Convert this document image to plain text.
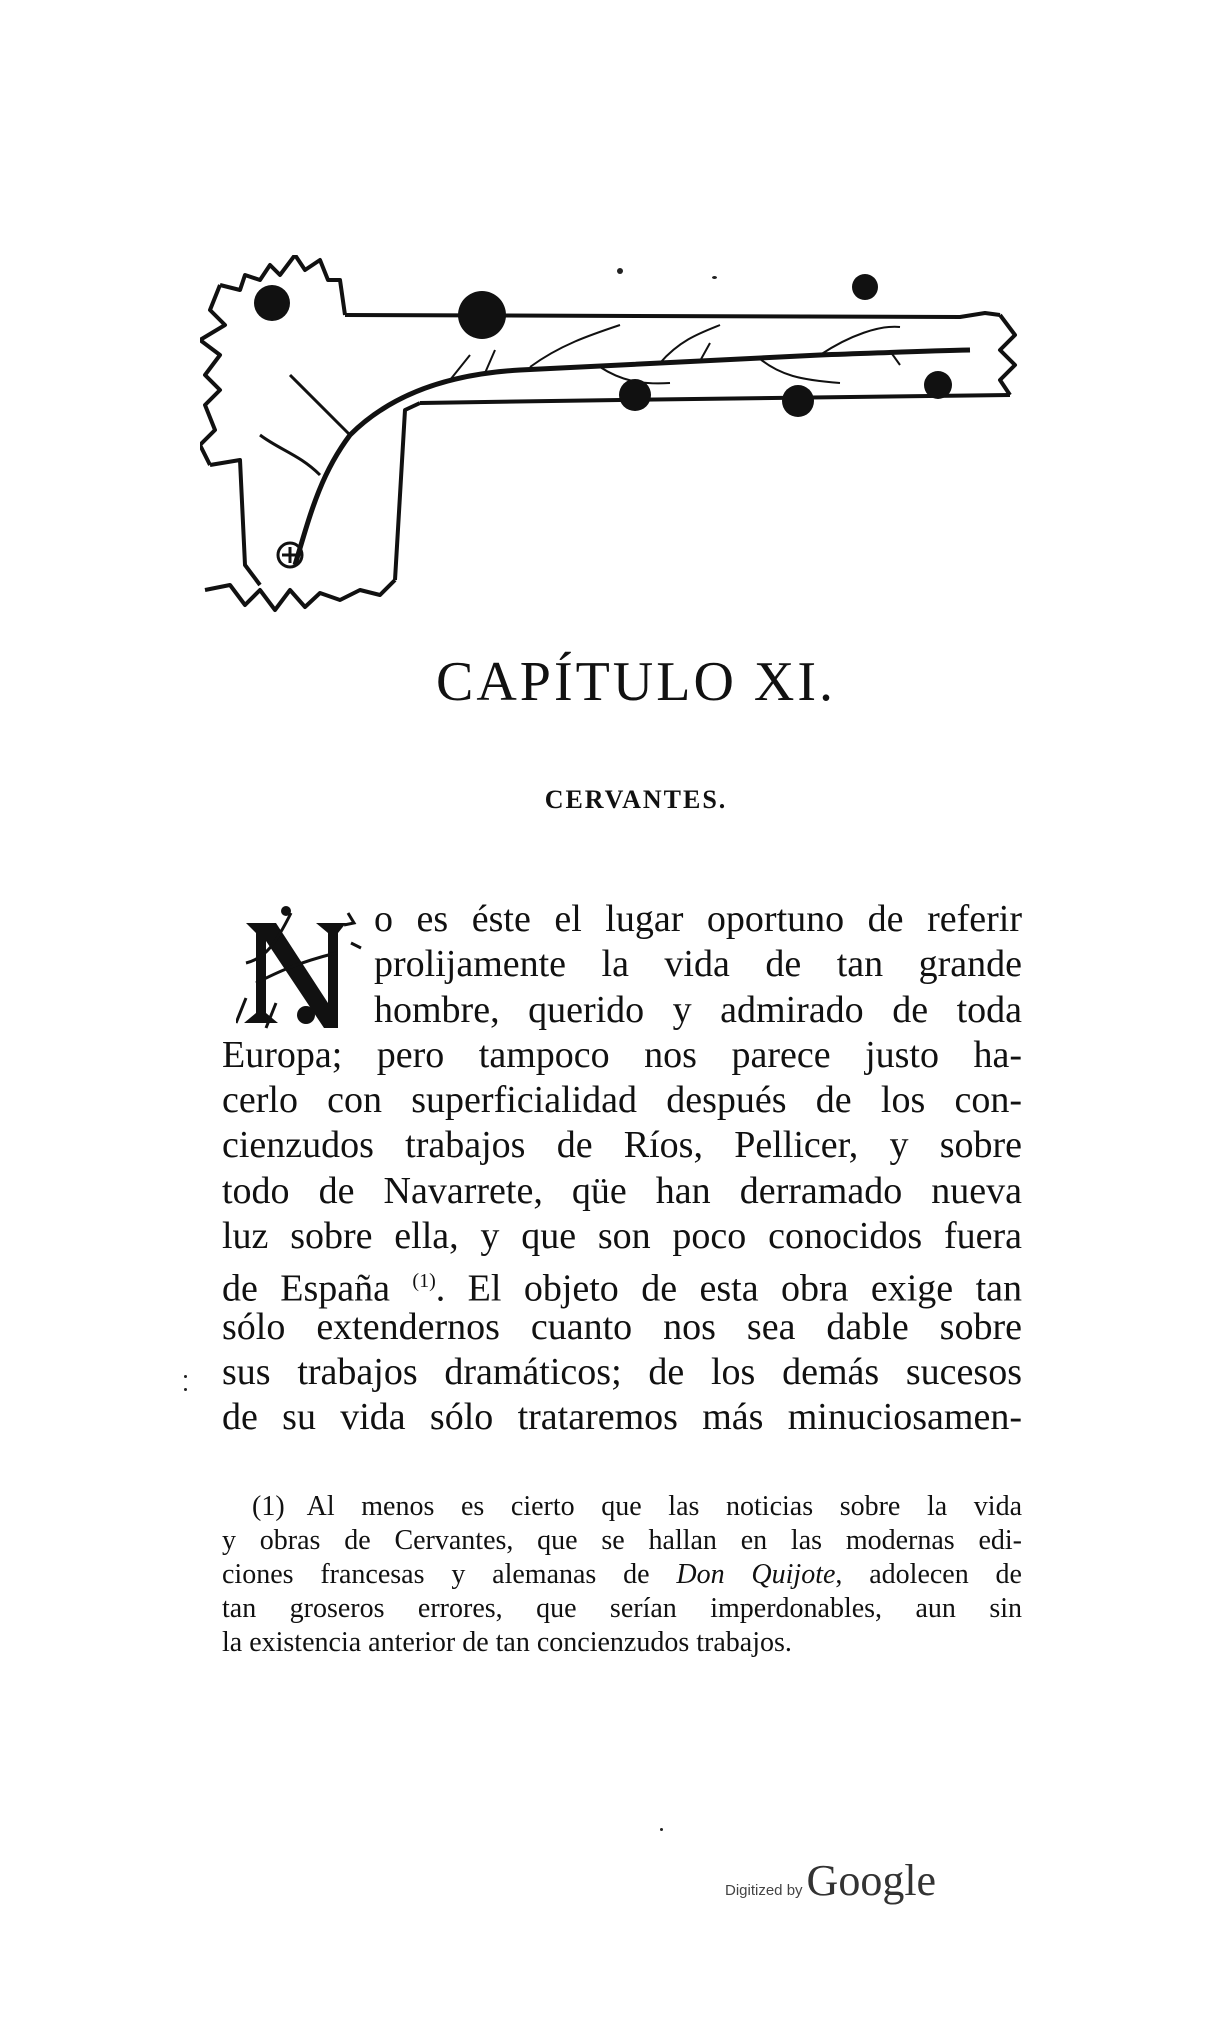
CAPÍTULO XI.
CERVANTES.
o es éste el lugar oportuno de referir
prolijamente la vida de tan grande
hombre, querido y admirado de toda
Europa; pero tampoco nos parece justo ha-
cerlo con superficialidad después de los con-
cienzudos trabajos de Ríos, Pellicer, y sobre
todo de Navarrete, qüe han derramado nueva
luz sobre ella, y que son poco conocidos fuera
de España $^{(1)}$. El objeto de esta obra exige tan
sólo extendernos cuanto nos sea dable sobre
sus trabajos dramáticos; de los demás sucesos
de su vida sólo trataremos más minuciosamen-
(1) Al menos es cierto que las noticias sobre la vida
y obras de Cervantes, que se hallan en las modernas edi-
ciones francesas y alemanas de Don Quijote, adolecen de
tan groseros errores, que serían imperdonables, aun sin
la existencia anterior de tan concienzudos trabajos.
Digitized by Google
